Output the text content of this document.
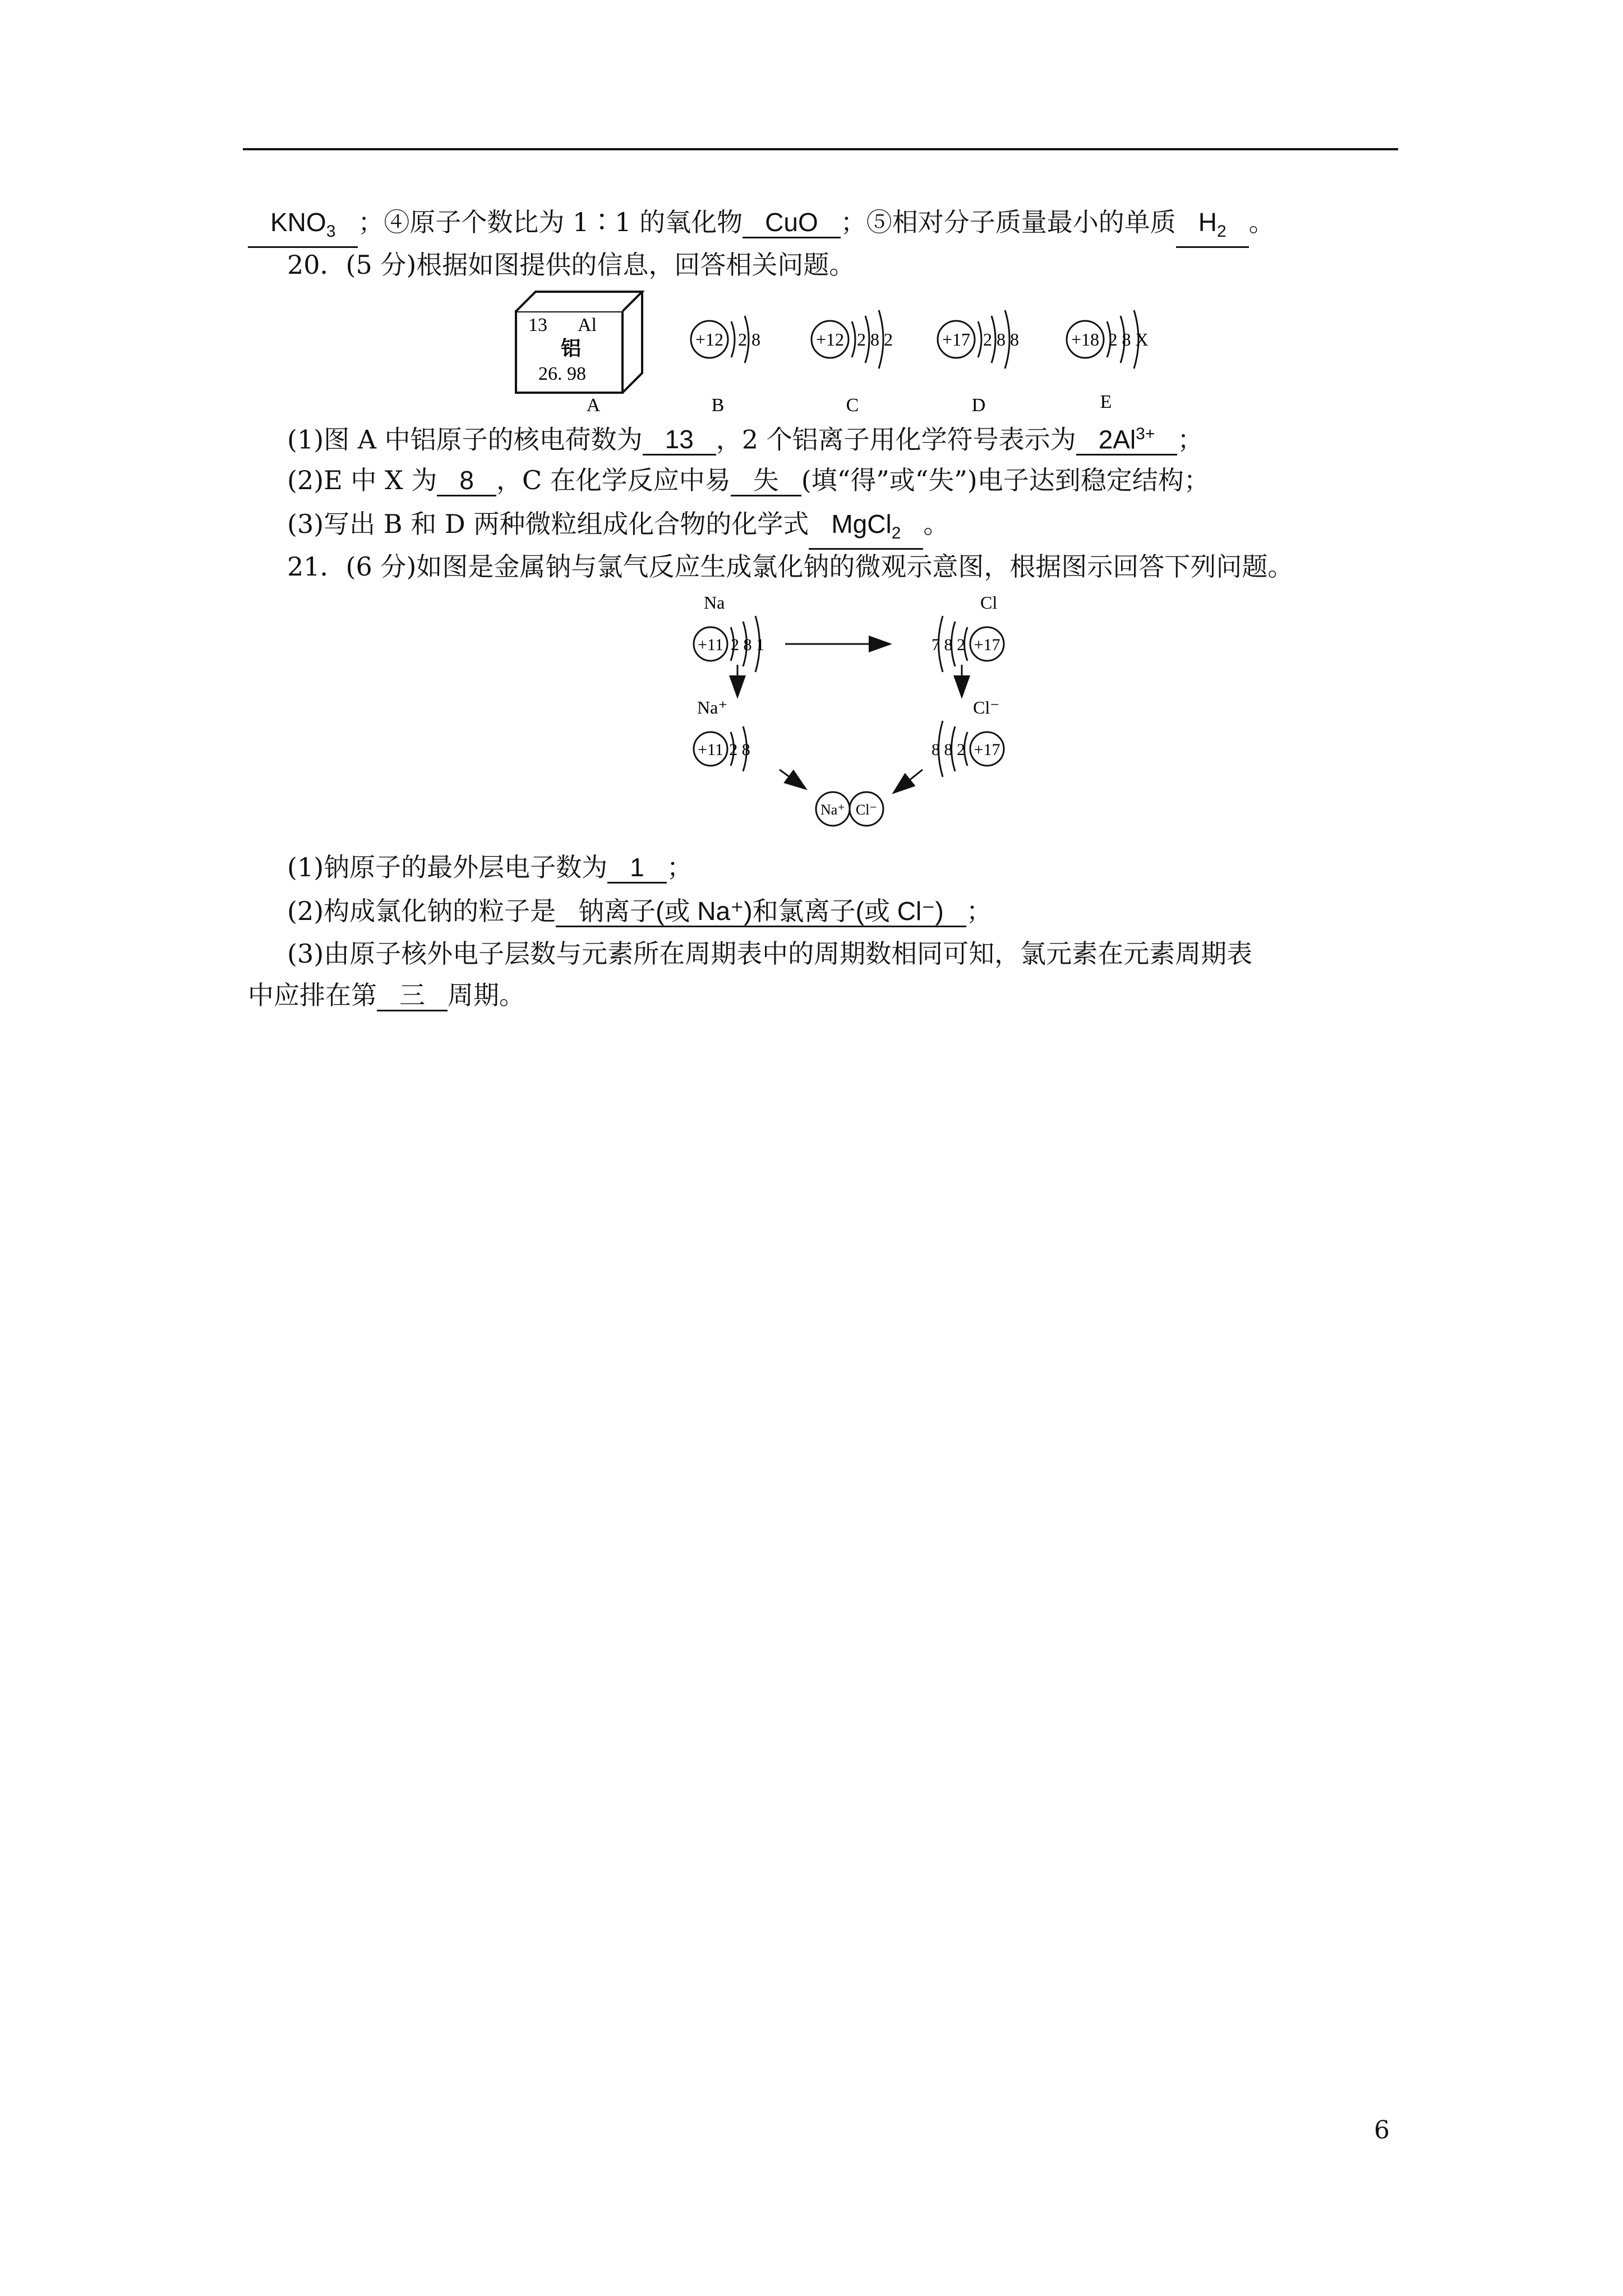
$KNO_3$ ；④原子个数比为 1∶1 的氧化物 CuO ；⑤相对分子质量最小的单质 $H_2$ 。
20．(5 分)根据如图提供的信息，回答相关问题。
13 Al
铝
26. 98
+12 2 8	+12 2 8 2	+17 2 8 8	+18 2 8 X
A	B	C	D	E
(1)图 A 中铝原子的核电荷数为 13 ，2 个铝离子用化学符号表示为 $2Al^{3+}$ ；
(2)E 中 X 为 8 ，C 在化学反应中易 失 (填“得”或“失”)电子达到稳定结构；
(3)写出 B 和 D 两种微粒组成化合物的化学式 MgCl$_2$ 。
21．(6 分)如图是金属钠与氯气反应生成氯化钠的微观示意图，根据图示回答下列问题。
Na
+11 2 8 1
Cl
+17
7 8 2
Na⁺	Cl⁻
+11 2 8	+17
8 8 2
Na⁺ Cl⁻
(1)钠原子的最外层电子数为 1 ；
(2)构成氯化钠的粒子是 钠离子(或 Na⁺)和氯离子(或 Cl⁻) ；
(3)由原子核外电子层数与元素所在周期表中的周期数相同可知，氯元素在元素周期表
中应排在第 三 周期。
6
